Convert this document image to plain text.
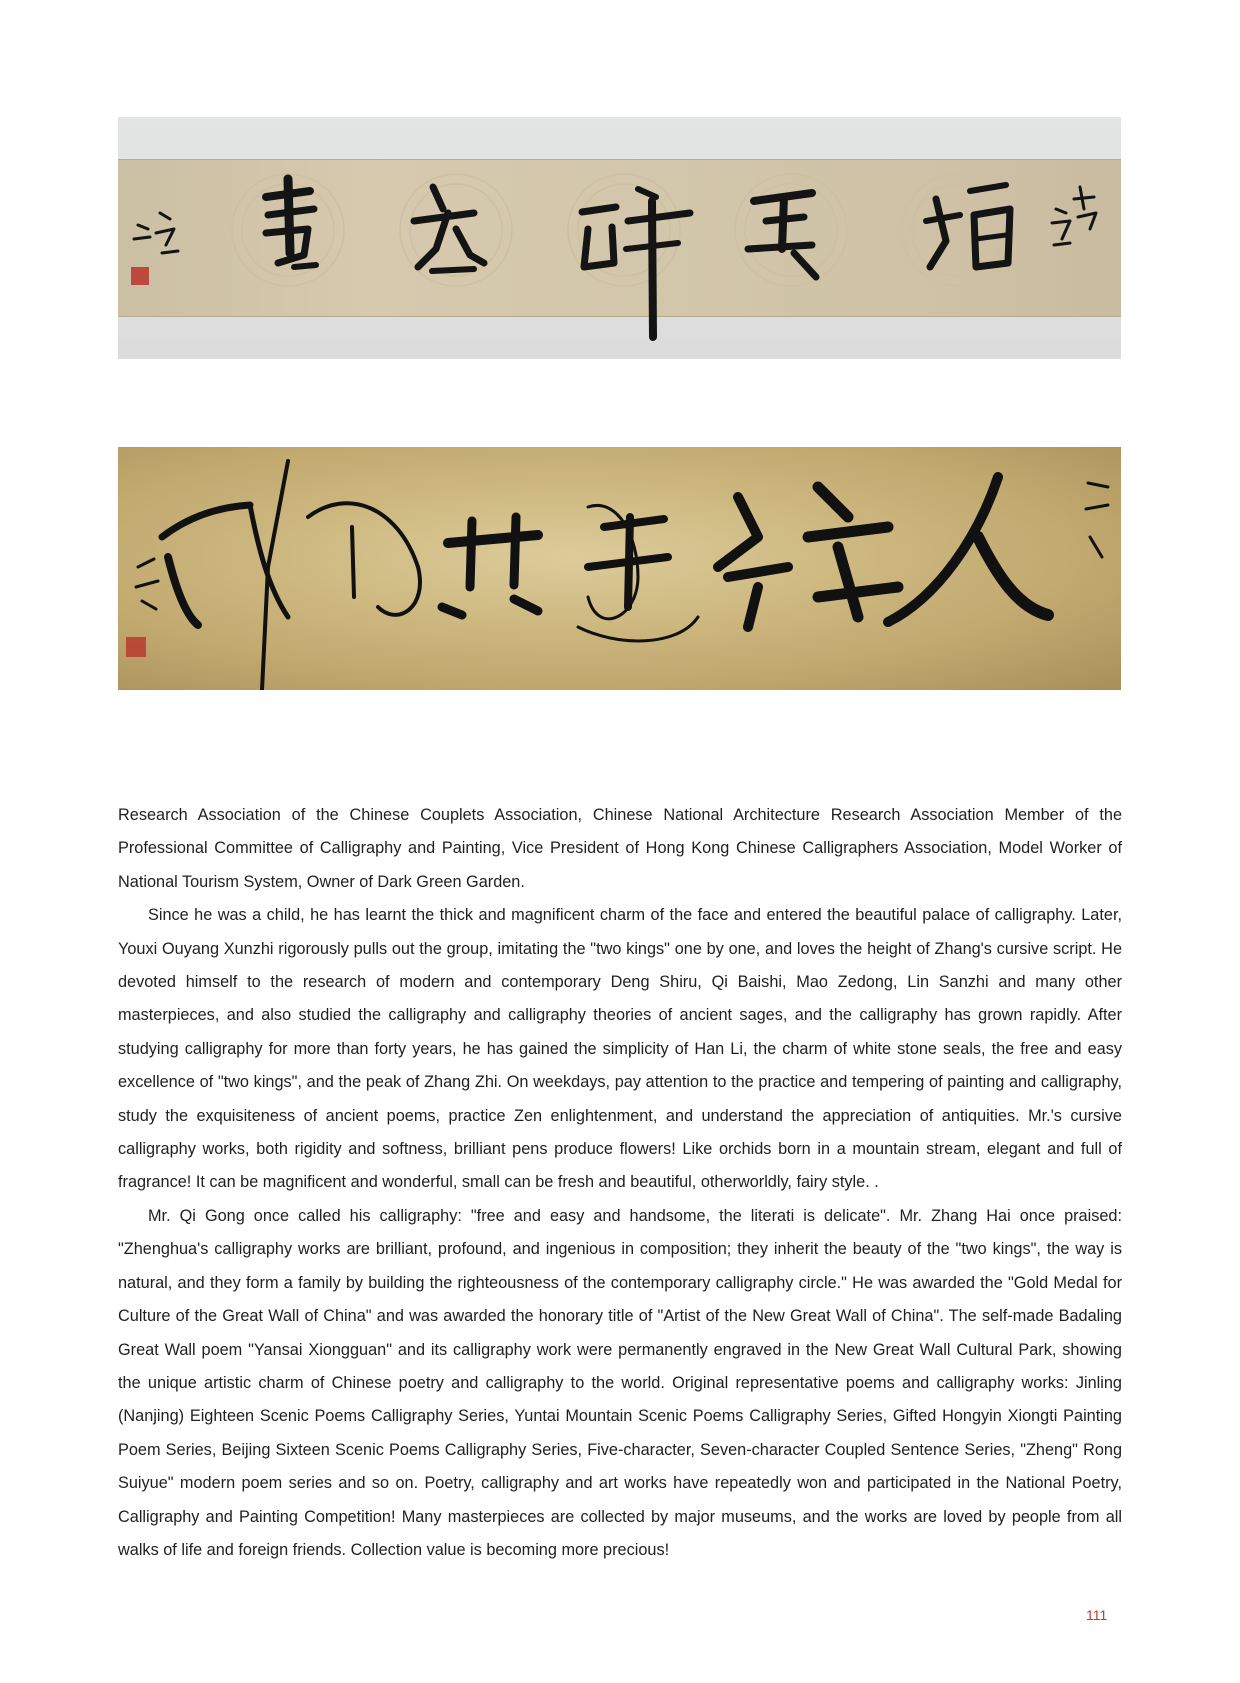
Research Association of the Chinese Couplets Association, Chinese National Architecture Research Association Member of the Professional Committee of Calligraphy and Painting, Vice President of Hong Kong Chinese Calligraphers Association, Model Worker of National Tourism System, Owner of Dark Green Garden.

Since he was a child, he has learnt the thick and magnificent charm of the face and entered the beautiful palace of calligraphy. Later, Youxi Ouyang Xunzhi rigorously pulls out the group, imitating the "two kings" one by one, and loves the height of Zhang's cursive script. He devoted himself to the research of modern and contemporary Deng Shiru, Qi Baishi, Mao Zedong, Lin Sanzhi and many other masterpieces, and also studied the calligraphy and calligraphy theories of ancient sages, and the calligraphy has grown rapidly. After studying calligraphy for more than forty years, he has gained the simplicity of Han Li, the charm of white stone seals, the free and easy excellence of "two kings", and the peak of Zhang Zhi. On weekdays, pay attention to the practice and tempering of painting and calligraphy, study the exquisiteness of ancient poems, practice Zen enlightenment, and understand the appreciation of antiquities. Mr.'s cursive calligraphy works, both rigidity and softness, brilliant pens produce flowers! Like orchids born in a mountain stream, elegant and full of fragrance! It can be magnificent and wonderful, small can be fresh and beautiful, otherworldly, fairy style. .

Mr. Qi Gong once called his calligraphy: "free and easy and handsome, the literati is delicate". Mr. Zhang Hai once praised: "Zhenghua's calligraphy works are brilliant, profound, and ingenious in composition; they inherit the beauty of the "two kings", the way is natural, and they form a family by building the righteousness of the contemporary calligraphy circle." He was awarded the "Gold Medal for Culture of the Great Wall of China" and was awarded the honorary title of "Artist of the New Great Wall of China". The self-made Badaling Great Wall poem "Yansai Xiongguan" and its calligraphy work were permanently engraved in the New Great Wall Cultural Park, showing the unique artistic charm of Chinese poetry and calligraphy to the world. Original representative poems and calligraphy works: Jinling (Nanjing) Eighteen Scenic Poems Calligraphy Series, Yuntai Mountain Scenic Poems Calligraphy Series, Gifted Hongyin Xiongti Painting Poem Series, Beijing Sixteen Scenic Poems Calligraphy Series, Five-character, Seven-character Coupled Sentence Series, "Zheng" Rong Suiyue" modern poem series and so on. Poetry, calligraphy and art works have repeatedly won and participated in the National Poetry, Calligraphy and Painting Competition! Many masterpieces are collected by major museums, and the works are loved by people from all walks of life and foreign friends. Collection value is becoming more precious!

111
